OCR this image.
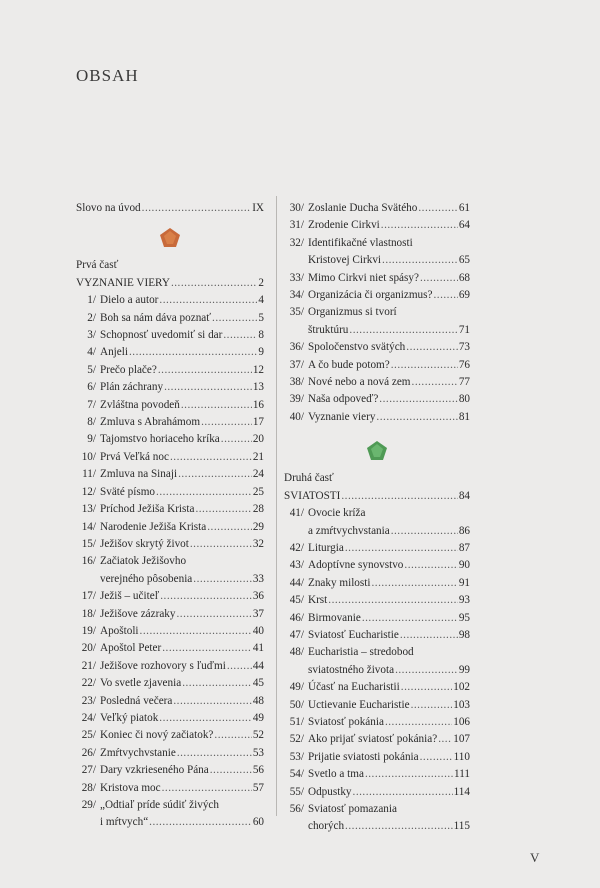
OBSAH
Slovo na úvod .....	IX
Prvá časť
VYZNANIE VIERY .....	2
1/ Dielo a autor .....	4
2/ Boh sa nám dáva poznať .....	5
3/ Schopnosť uvedomiť si dar .....	8
4/ Anjeli .....	9
5/ Prečo plače? .....	12
6/ Plán záchrany .....	13
7/ Zvláštna povodeň .....	16
8/ Zmluva s Abrahámom .....	17
9/ Tajomstvo horiaceho kríka .....	20
10/ Prvá Veľká noc .....	21
11/ Zmluva na Sinaji .....	24
12/ Sväté písmo .....	25
13/ Príchod Ježiša Krista .....	28
14/ Narodenie Ježiša Krista .....	29
15/ Ježišov skrytý život .....	32
16/ Začiatok Ježišovho
verejného pôsobenia .....	33
17/ Ježiš – učiteľ .....	36
18/ Ježišove zázraky .....	37
19/ Apoštoli .....	40
20/ Apoštol Peter .....	41
21/ Ježišove rozhovory s ľuďmi ..... 44
22/ Vo svetle zjavenia .....	45
23/ Posledná večera .....	48
24/ Veľký piatok .....	49
25/ Koniec či nový začiatok? .....	52
26/ Zmŕtvychvstanie .....	53
27/ Dary vzkrieseného Pána .....	56
28/ Kristova moc .....	57
29/ „Odtiaľ príde súdiť živých
i mŕtvych“ .....	60
30/ Zoslanie Ducha Svätého .....	61
31/ Zrodenie Cirkvi .....	64
32/ Identifikačné vlastnosti
Kristovej Cirkvi .....	65
33/ Mimo Cirkvi niet spásy? .....	68
34/ Organizácia či organizmus? ..... 69
35/ Organizmus si tvorí
štruktúru .....	71
36/ Spoločenstvo svätých .....	73
37/ A čo bude potom? .....	76
38/ Nové nebo a nová zem .....	77
39/ Naša odpoveď? .....	80
40/ Vyznanie viery .....	81
Druhá časť
SVIATOSTI .....	84
41/ Ovocie kríža
a zmŕtvychvstania .....	86
42/ Liturgia .....	87
43/ Adoptívne synovstvo .....	90
44/ Znaky milosti .....	91
45/ Krst .....	93
46/ Birmovanie .....	95
47/ Sviatosť Eucharistie .....	98
48/ Eucharistia – stredobod
sviatostného života .....	99
49/ Účasť na Eucharistii .....	102
50/ Uctievanie Eucharistie .....	103
51/ Sviatosť pokánia .....	106
52/ Ako prijať sviatosť pokánia? ..... 107
53/ Prijatie sviatosti pokánia .....	110
54/ Svetlo a tma .....	111
55/ Odpustky .....	114
56/ Sviatosť pomazania
chorých .....	115
V
